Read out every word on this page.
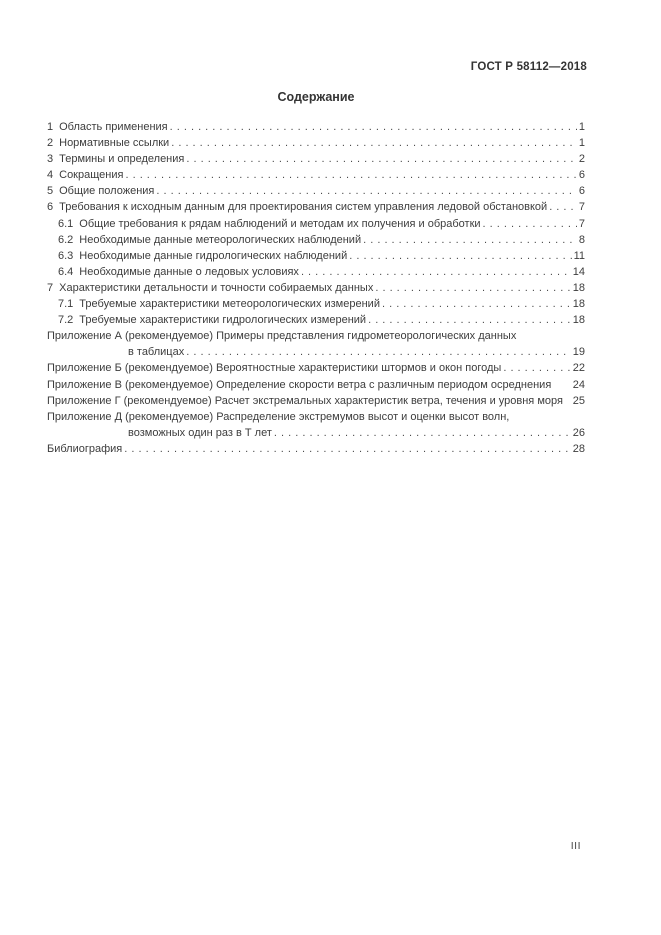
ГОСТ Р 58112—2018
Содержание
1 Область применения . . .	1
2 Нормативные ссылки . . .	1
3 Термины и определения . . .	2
4 Сокращения . . .	6
5 Общие положения . . .	6
6 Требования к исходным данным для проектирования систем управления ледовой обстановкой . . .	7
6.1 Общие требования к рядам наблюдений и методам их получения и обработки . . .	7
6.2 Необходимые данные метеорологических наблюдений . . .	8
6.3 Необходимые данные гидрологических наблюдений . . .	11
6.4 Необходимые данные о ледовых условиях . . .	14
7 Характеристики детальности и точности собираемых данных . . .	18
7.1 Требуемые характеристики метеорологических измерений . . .	18
7.2 Требуемые характеристики гидрологических измерений . . .	18
Приложение А (рекомендуемое) Примеры представления гидрометеорологических данных
в таблицах . . .	19
Приложение Б (рекомендуемое) Вероятностные характеристики штормов и окон погоды . . .	22
Приложение В (рекомендуемое) Определение скорости ветра с различным периодом осреднения 24
Приложение Г (рекомендуемое) Расчет экстремальных характеристик ветра, течения и уровня моря 25
Приложение Д (рекомендуемое) Распределение экстремумов высот и оценки высот волн,
возможных один раз в Т лет . . .	26
Библиография . . .	28
III
